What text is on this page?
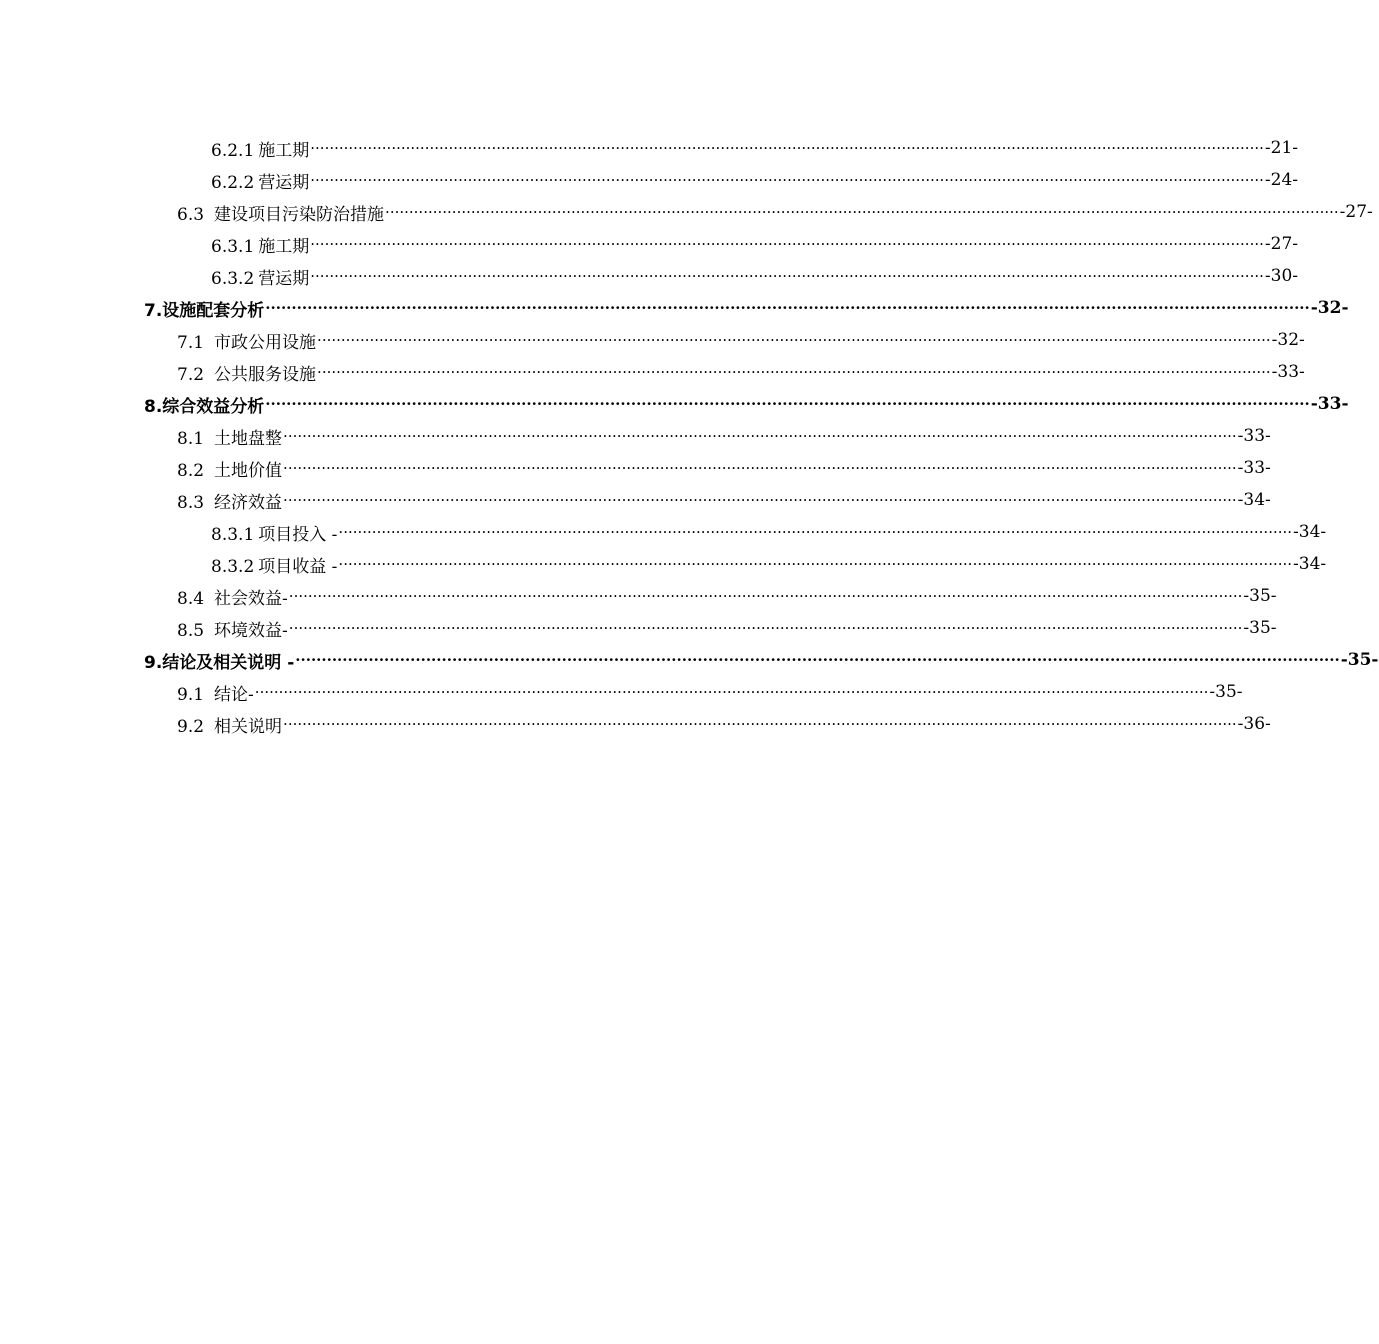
6.2.1 施工期 ········································································································································································································ -21-
6.2.2 营运期 ········································································································································································································ -24-
6.3 建设项目污染防治措施 ········································································································································································································ -27-
6.3.1 施工期 ········································································································································································································ -27-
6.3.2 营运期 ········································································································································································································ -30-
7.设施配套分析 ········································································································································································································ -32-
7.1 市政公用设施 ········································································································································································································ -32-
7.2 公共服务设施 ········································································································································································································ -33-
8.综合效益分析 ········································································································································································································ -33-
8.1 土地盘整 ········································································································································································································ -33-
8.2 土地价值 ········································································································································································································ -33-
8.3 经济效益 ········································································································································································································ -34-
8.3.1 项目投入 - ········································································································································································································ -34-
8.3.2 项目收益 - ········································································································································································································ -34-
8.4 社会效益- ········································································································································································································ -35-
8.5 环境效益- ········································································································································································································ -35-
9.结论及相关说明 - ········································································································································································································ -35-
9.1 结论- ········································································································································································································ -35-
9.2 相关说明 ········································································································································································································ -36-
